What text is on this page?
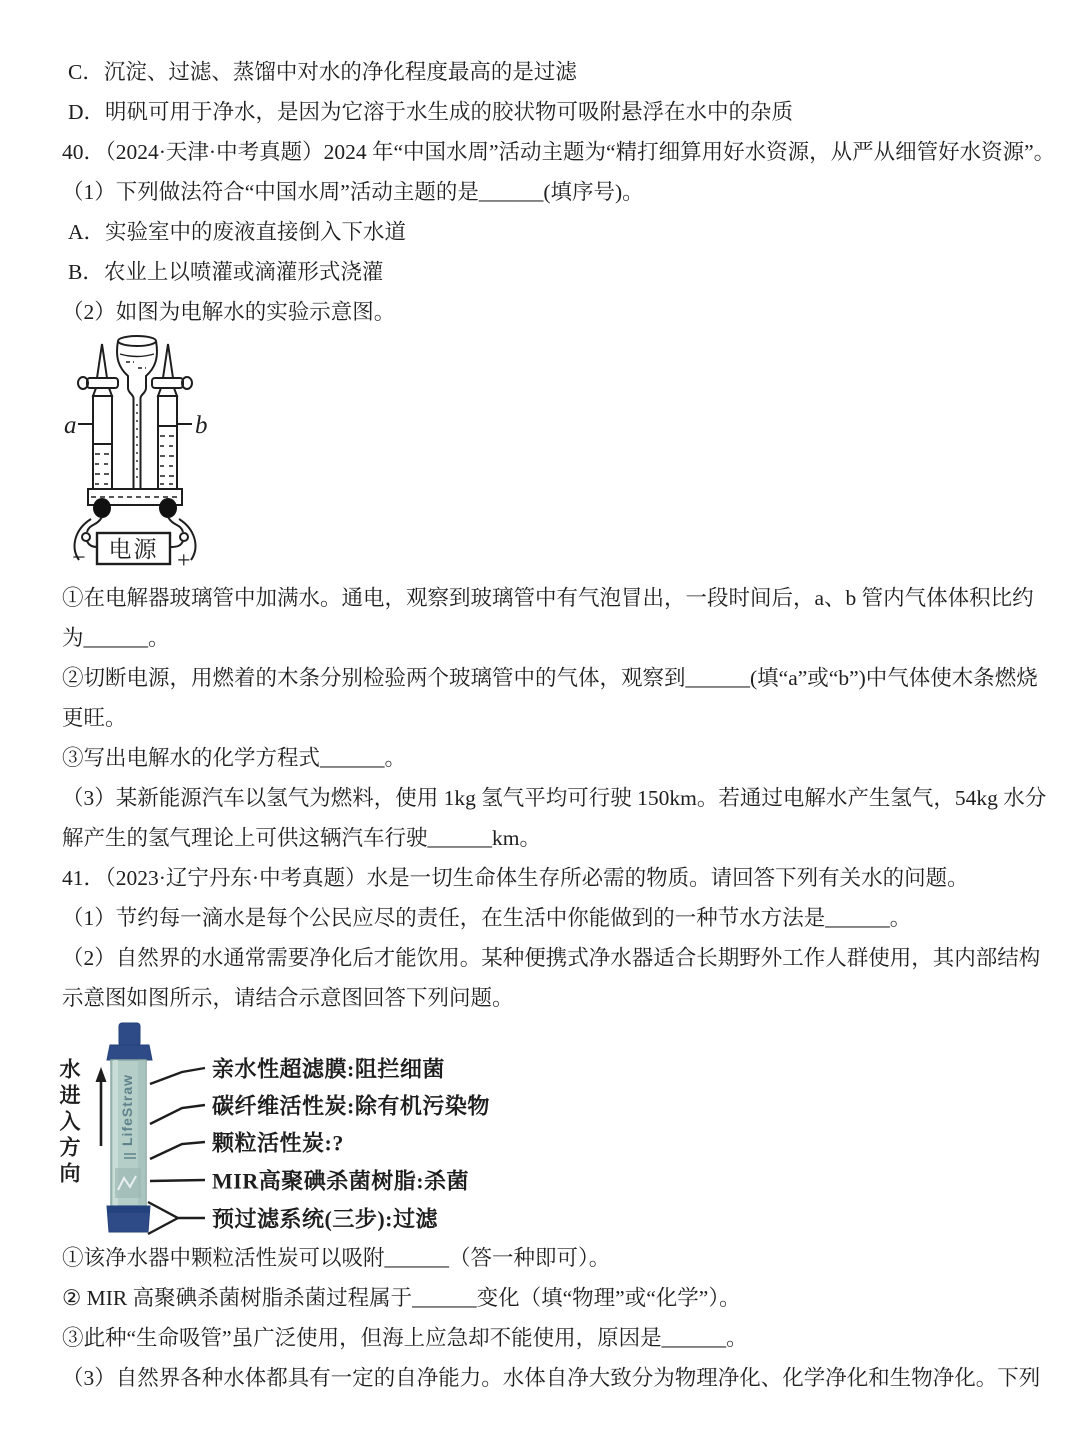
C．沉淀、过滤、蒸馏中对水的净化程度最高的是过滤

D．明矾可用于净水，是因为它溶于水生成的胶状物可吸附悬浮在水中的杂质

40．（2024·天津·中考真题）2024 年“中国水周”活动主题为“精打细算用好水资源，从严从细管好水资源”。

（1）下列做法符合“中国水周”活动主题的是______(填序号)。

A．实验室中的废液直接倒入下水道

B．农业上以喷灌或滴灌形式浇灌

（2）如图为电解水的实验示意图。

a	b
电源
−	+

①在电解器玻璃管中加满水。通电，观察到玻璃管中有气泡冒出，一段时间后，a、b 管内气体体积比约

为______。

②切断电源，用燃着的木条分别检验两个玻璃管中的气体，观察到______(填“a”或“b”)中气体使木条燃烧

更旺。

③写出电解水的化学方程式______。

（3）某新能源汽车以氢气为燃料，使用 1kg 氢气平均可行驶 150km。若通过电解水产生氢气，54kg 水分

解产生的氢气理论上可供这辆汽车行驶______km。

41．（2023·辽宁丹东·中考真题）水是一切生命体生存所必需的物质。请回答下列有关水的问题。

（1）节约每一滴水是每个公民应尽的责任，在生活中你能做到的一种节水方法是______。

（2）自然界的水通常需要净化后才能饮用。某种便携式净水器适合长期野外工作人群使用，其内部结构

示意图如图所示，请结合示意图回答下列问题。

LifeStraw
水进入方向	亲水性超滤膜:阻拦细菌
碳纤维活性炭:除有机污染物
颗粒活性炭:?
MIR高聚碘杀菌树脂:杀菌
预过滤系统(三步):过滤

①该净水器中颗粒活性炭可以吸附______（答一种即可）。

② MIR 高聚碘杀菌树脂杀菌过程属于______变化（填“物理”或“化学”）。

③此种“生命吸管”虽广泛使用，但海上应急却不能使用，原因是______。

（3）自然界各种水体都具有一定的自净能力。水体自净大致分为物理净化、化学净化和生物净化。下列
